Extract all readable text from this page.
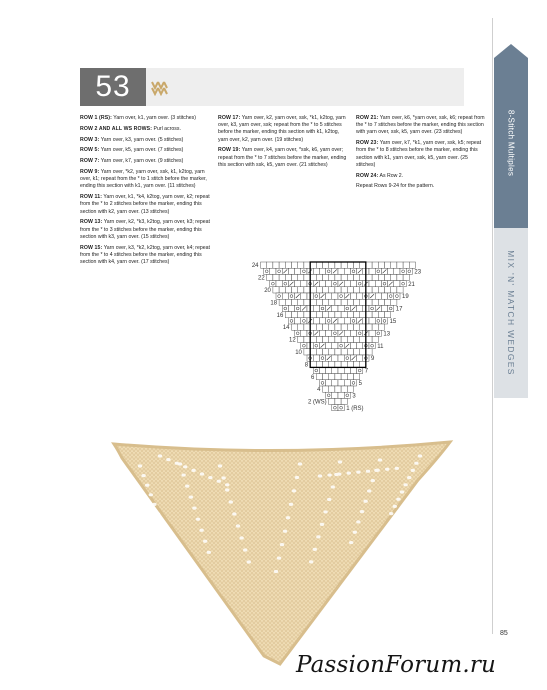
53

ROW 1 (RS): Yarn over, k1, yarn over. (3 stitches)

ROW 2 AND ALL WS ROWS: Purl across.

ROW 3: Yarn over, k3, yarn over. (5 stitches)

ROW 5: Yarn over, k5, yarn over. (7 stitches)

ROW 7: Yarn over, k7, yarn over. (9 stitches)

ROW 9: Yarn over, *k2, yarn over, ssk, k1, k2tog, yarn over, k1; repeat from the * to 1 stitch before the marker, ending this section with k1, yarn over. (11 stitches)

ROW 11: Yarn over, k1, *k4, k2tog, yarn over, k2; repeat from the * to 2 stitches before the marker, ending this section with k2, yarn over. (13 stitches)

ROW 13: Yarn over, k2, *k3, k2tog, yarn over, k3; repeat from the * to 3 stitches before the marker, ending this section with k3, yarn over. (15 stitches)

ROW 15: Yarn over, k3, *k2, k2tog, yarn over, k4; repeat from the * to 4 stitches before the marker, ending this section with k4, yarn over. (17 stitches)

ROW 17: Yarn over, k2, yarn over, ssk, *k1, k2tog, yarn over, k3, yarn over, ssk; repeat from the * to 5 stitches before the marker, ending this section with k1, k2tog, yarn over, k2, yarn over. (19 stitches)

ROW 19: Yarn over, k4, yarn over, *ssk, k6, yarn over; repeat from the * to 7 stitches before the marker, ending this section with ssk, k5, yarn over. (21 stitches)

ROW 21: Yarn over, k6, *yarn over, ssk, k6; repeat from the * to 7 stitches before the marker, ending this section with yarn over, ssk, k5, yarn over. (23 stitches)

ROW 23: Yarn over, k7, *k1, yarn over, ssk, k5; repeat from the * to 8 stitches before the marker, ending this section with k1, yarn over, ssk, k5, yarn over. (25 stitches)

ROW 24: As Row 2.

Repeat Rows 9-24 for the pattern.

8-Stitch Multiples
MIX 'N' MATCH WEDGES
24
22
20
18
16
14
12
10
8
6
4
2 (WS)
23
21
19
17
15
13
11
9
7
5
3
1 (RS)
85
PassionForum.ru
